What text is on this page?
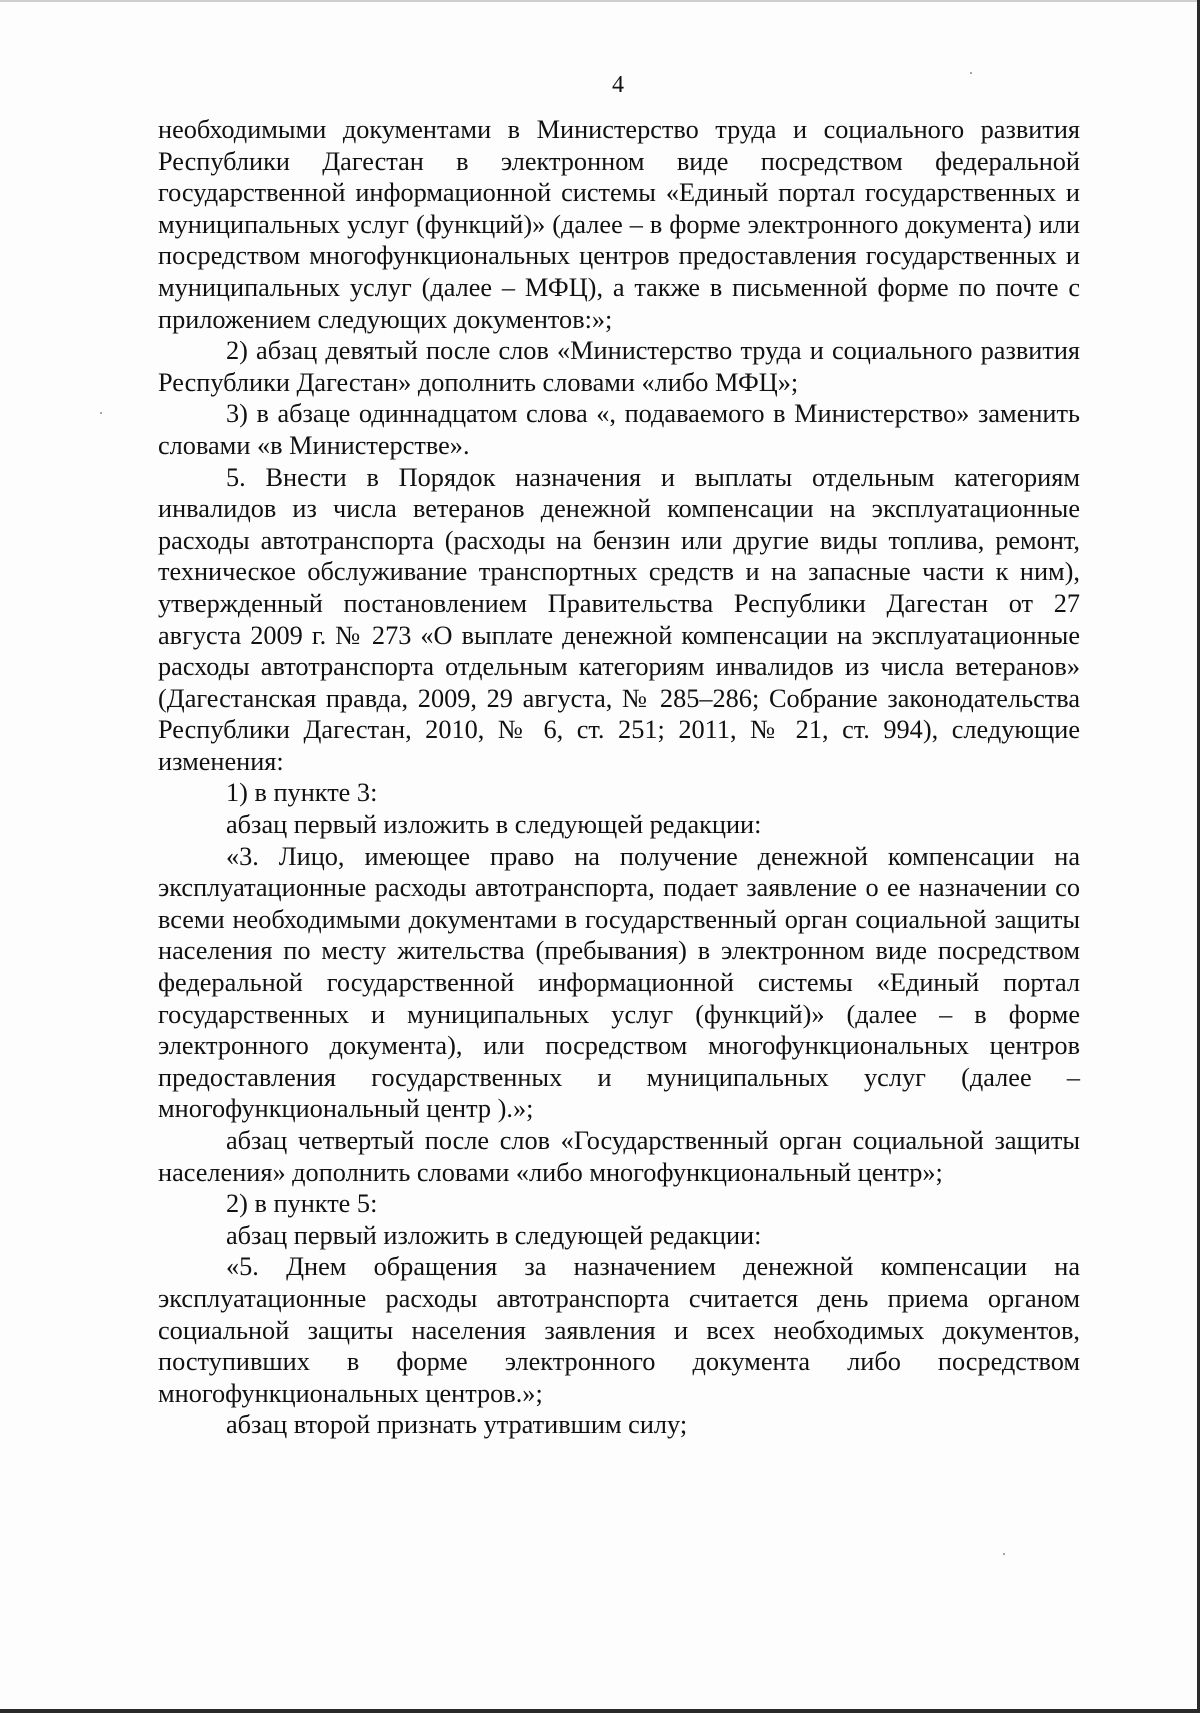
4

необходимыми документами в Министерство труда и социального развития Республики Дагестан в электронном виде посредством федеральной государственной информационной системы «Единый портал государственных и муниципальных услуг (функций)» (далее – в форме электронного документа) или посредством многофункциональных центров предоставления государственных и муниципальных услуг (далее – МФЦ), а также в письменной форме по почте с приложением следующих документов:»;

2) абзац девятый после слов «Министерство труда и социального развития Республики Дагестан» дополнить словами «либо МФЦ»;

3) в абзаце одиннадцатом слова «, подаваемого в Министерство» заменить словами «в Министерстве».

5. Внести в Порядок назначения и выплаты отдельным категориям инвалидов из числа ветеранов денежной компенсации на эксплуатационные расходы автотранспорта (расходы на бензин или другие виды топлива, ремонт, техническое обслуживание транспортных средств и на запасные части к ним), утвержденный постановлением Правительства Республики Дагестан от 27 августа 2009 г. № 273 «О выплате денежной компенсации на эксплуатационные расходы автотранспорта отдельным категориям инвалидов из числа ветеранов» (Дагестанская правда, 2009, 29 августа, № 285–286; Собрание законодательства Республики Дагестан, 2010, № 6, ст. 251; 2011, № 21, ст. 994), следующие изменения:

1) в пункте 3:

абзац первый изложить в следующей редакции:

«3. Лицо, имеющее право на получение денежной компенсации на эксплуатационные расходы автотранспорта, подает заявление о ее назначении со всеми необходимыми документами в государственный орган социальной защиты населения по месту жительства (пребывания) в электронном виде посредством федеральной государственной информационной системы «Единый портал государственных и муниципальных услуг (функций)» (далее – в форме электронного документа), или посредством многофункциональных центров предоставления государственных и муниципальных услуг (далее – многофункциональный центр ).»;

абзац четвертый после слов «Государственный орган социальной защиты населения» дополнить словами «либо многофункциональный центр»;

2) в пункте 5:

абзац первый изложить в следующей редакции:

«5. Днем обращения за назначением денежной компенсации на эксплуатационные расходы автотранспорта считается день приема органом социальной защиты населения заявления и всех необходимых документов, поступивших в форме электронного документа либо посредством многофункциональных центров.»;

абзац второй признать утратившим силу;
